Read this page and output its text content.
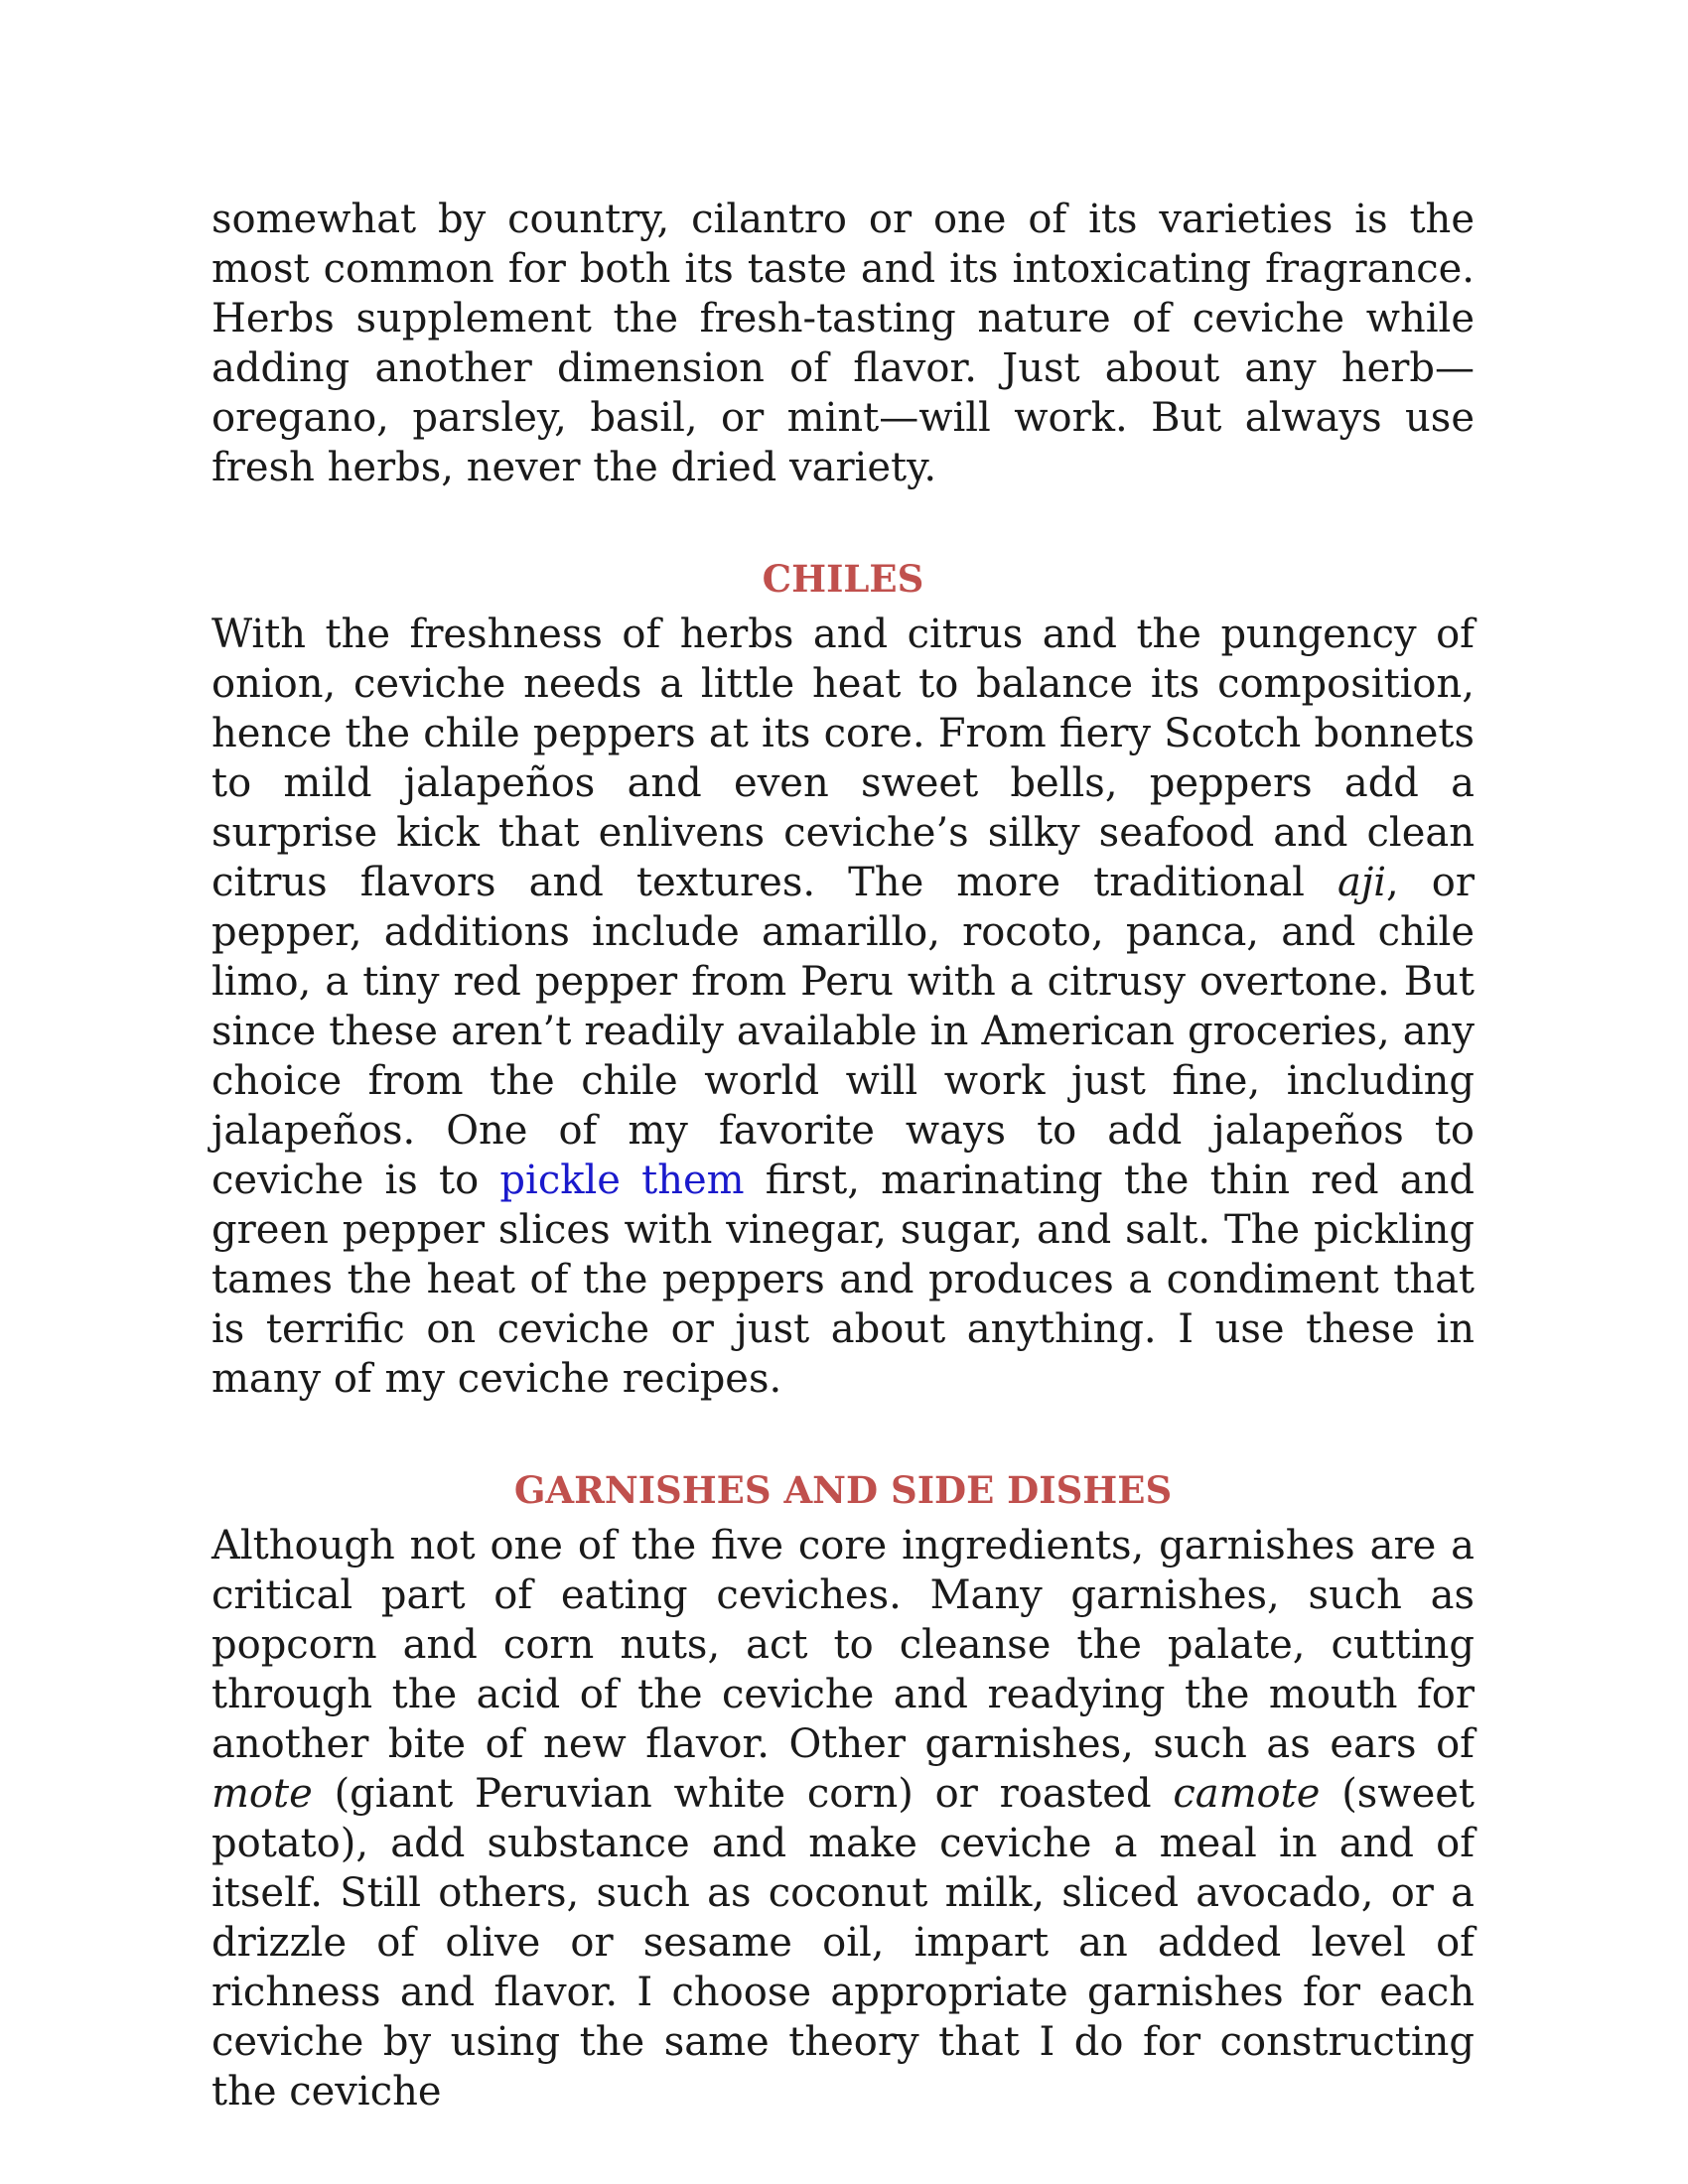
somewhat by country, cilantro or one of its varieties is the most common for both its taste and its intoxicating fragrance. Herbs supplement the fresh-tasting nature of ceviche while adding another dimension of flavor. Just about any herb—oregano, parsley, basil, or mint—will work. But always use fresh herbs, never the dried variety.

CHILES

With the freshness of herbs and citrus and the pungency of onion, ceviche needs a little heat to balance its composition, hence the chile peppers at its core. From fiery Scotch bonnets to mild jalapeños and even sweet bells, peppers add a surprise kick that enlivens ceviche’s silky seafood and clean citrus flavors and textures. The more traditional aji, or pepper, additions include amarillo, rocoto, panca, and chile limo, a tiny red pepper from Peru with a citrusy overtone. But since these aren’t readily available in American groceries, any choice from the chile world will work just fine, including jalapeños. One of my favorite ways to add jalapeños to ceviche is to pickle them first, marinating the thin red and green pepper slices with vinegar, sugar, and salt. The pickling tames the heat of the peppers and produces a condiment that is terrific on ceviche or just about anything. I use these in many of my ceviche recipes.

GARNISHES AND SIDE DISHES

Although not one of the five core ingredients, garnishes are a critical part of eating ceviches. Many garnishes, such as popcorn and corn nuts, act to cleanse the palate, cutting through the acid of the ceviche and readying the mouth for another bite of new flavor. Other garnishes, such as ears of mote (giant Peruvian white corn) or roasted camote (sweet potato), add substance and make ceviche a meal in and of itself. Still others, such as coconut milk, sliced avocado, or a drizzle of olive or sesame oil, impart an added level of richness and flavor. I choose appropriate garnishes for each ceviche by using the same theory that I do for constructing the ceviche
